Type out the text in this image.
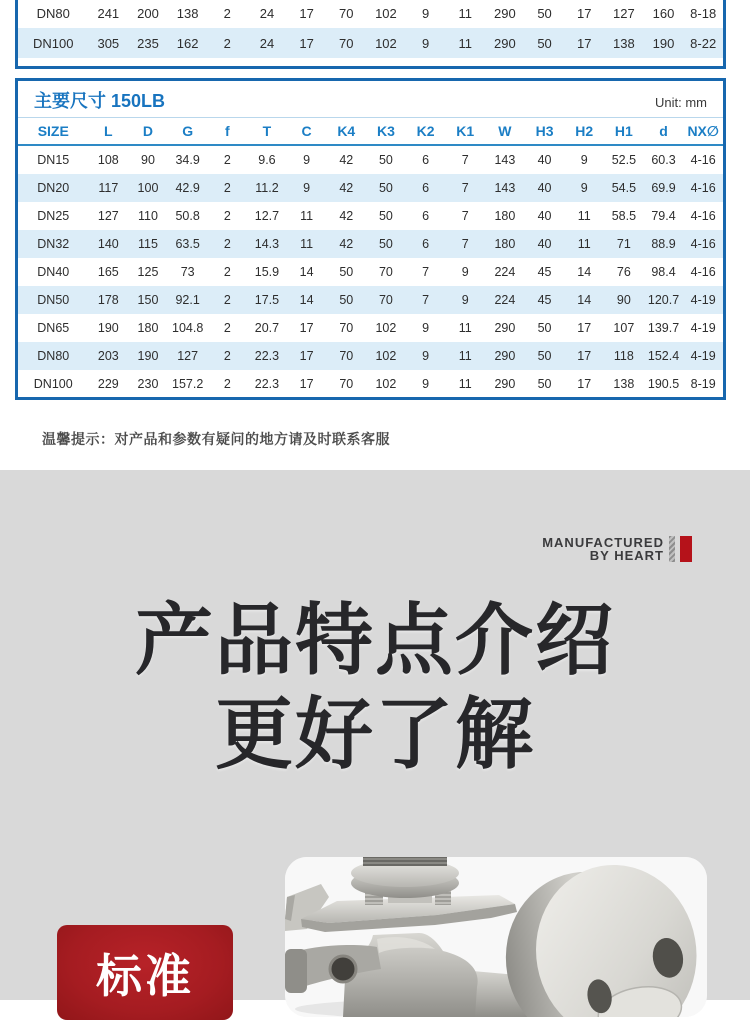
DN80	241	200	138	2	24	17	70	102	9	11	290	50	17	127	160	8-18
DN100	305	235	162	2	24	17	70	102	9	11	290	50	17	138	190	8-22
主要尺寸 150LB	Unit: mm
SIZE	L	D	G	f	T	C	K4	K3	K2	K1	W	H3	H2	H1	d	NX∅
DN15	108	90	34.9	2	9.6	9	42	50	6	7	143	40	9	52.5	60.3	4-16
DN20	117	100	42.9	2	11.2	9	42	50	6	7	143	40	9	54.5	69.9	4-16
DN25	127	110	50.8	2	12.7	11	42	50	6	7	180	40	11	58.5	79.4	4-16
DN32	140	115	63.5	2	14.3	11	42	50	6	7	180	40	11	71	88.9	4-16
DN40	165	125	73	2	15.9	14	50	70	7	9	224	45	14	76	98.4	4-16
DN50	178	150	92.1	2	17.5	14	50	70	7	9	224	45	14	90	120.7	4-19
DN65	190	180	104.8	2	20.7	17	70	102	9	11	290	50	17	107	139.7	4-19
DN80	203	190	127	2	22.3	17	70	102	9	11	290	50	17	118	152.4	4-19
DN100	229	230	157.2	2	22.3	17	70	102	9	11	290	50	17	138	190.5	8-19

温馨提示：对产品和参数有疑问的地方请及时联系客服

MANUFACTURED
BY HEART
产品特点介绍
更好了解
标准
